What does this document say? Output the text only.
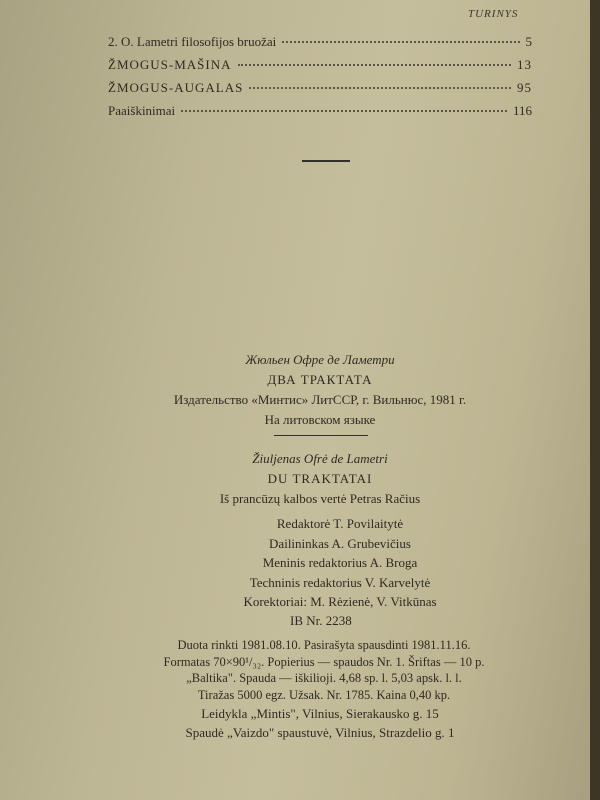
TURINYS
2. O. Lametri filosofijos bruožai	5
ŽMOGUS-MAŠINA	13
ŽMOGUS-AUGALAS	95
Paaiškinimai	116
Жюльен Офре де Ламетри
ДВА ТРАКТАТА
Издательство «Минтис» ЛитССР, г. Вильнюс, 1981 г.
На литовском языке
Žiuljenas Ofrė de Lametri
DU TRAKTATAI
Iš prancūzų kalbos vertė Petras Račius
Redaktorė T. Povilaitytė
Dailininkas A. Grubevičius
Meninis redaktorius A. Broga
Techninis redaktorius V. Karvelytė
Korektoriai: M. Rėzienė, V. Vitkūnas
IB Nr. 2238
Duota rinkti 1981.08.10. Pasirašyta spausdinti 1981.11.16.
Formatas 70×90¹/₃₂. Popierius — spaudos Nr. 1. Šriftas — 10 p.
„Baltika". Spauda — iškilioji. 4,68 sp. l. 5,03 apsk. l. l.
Tiražas 5000 egz. Užsak. Nr. 1785. Kaina 0,40 kp.
Leidykla „Mintis", Vilnius, Sierakausko g. 15
Spaudė „Vaizdo" spaustuvė, Vilnius, Strazdelio g. 1
